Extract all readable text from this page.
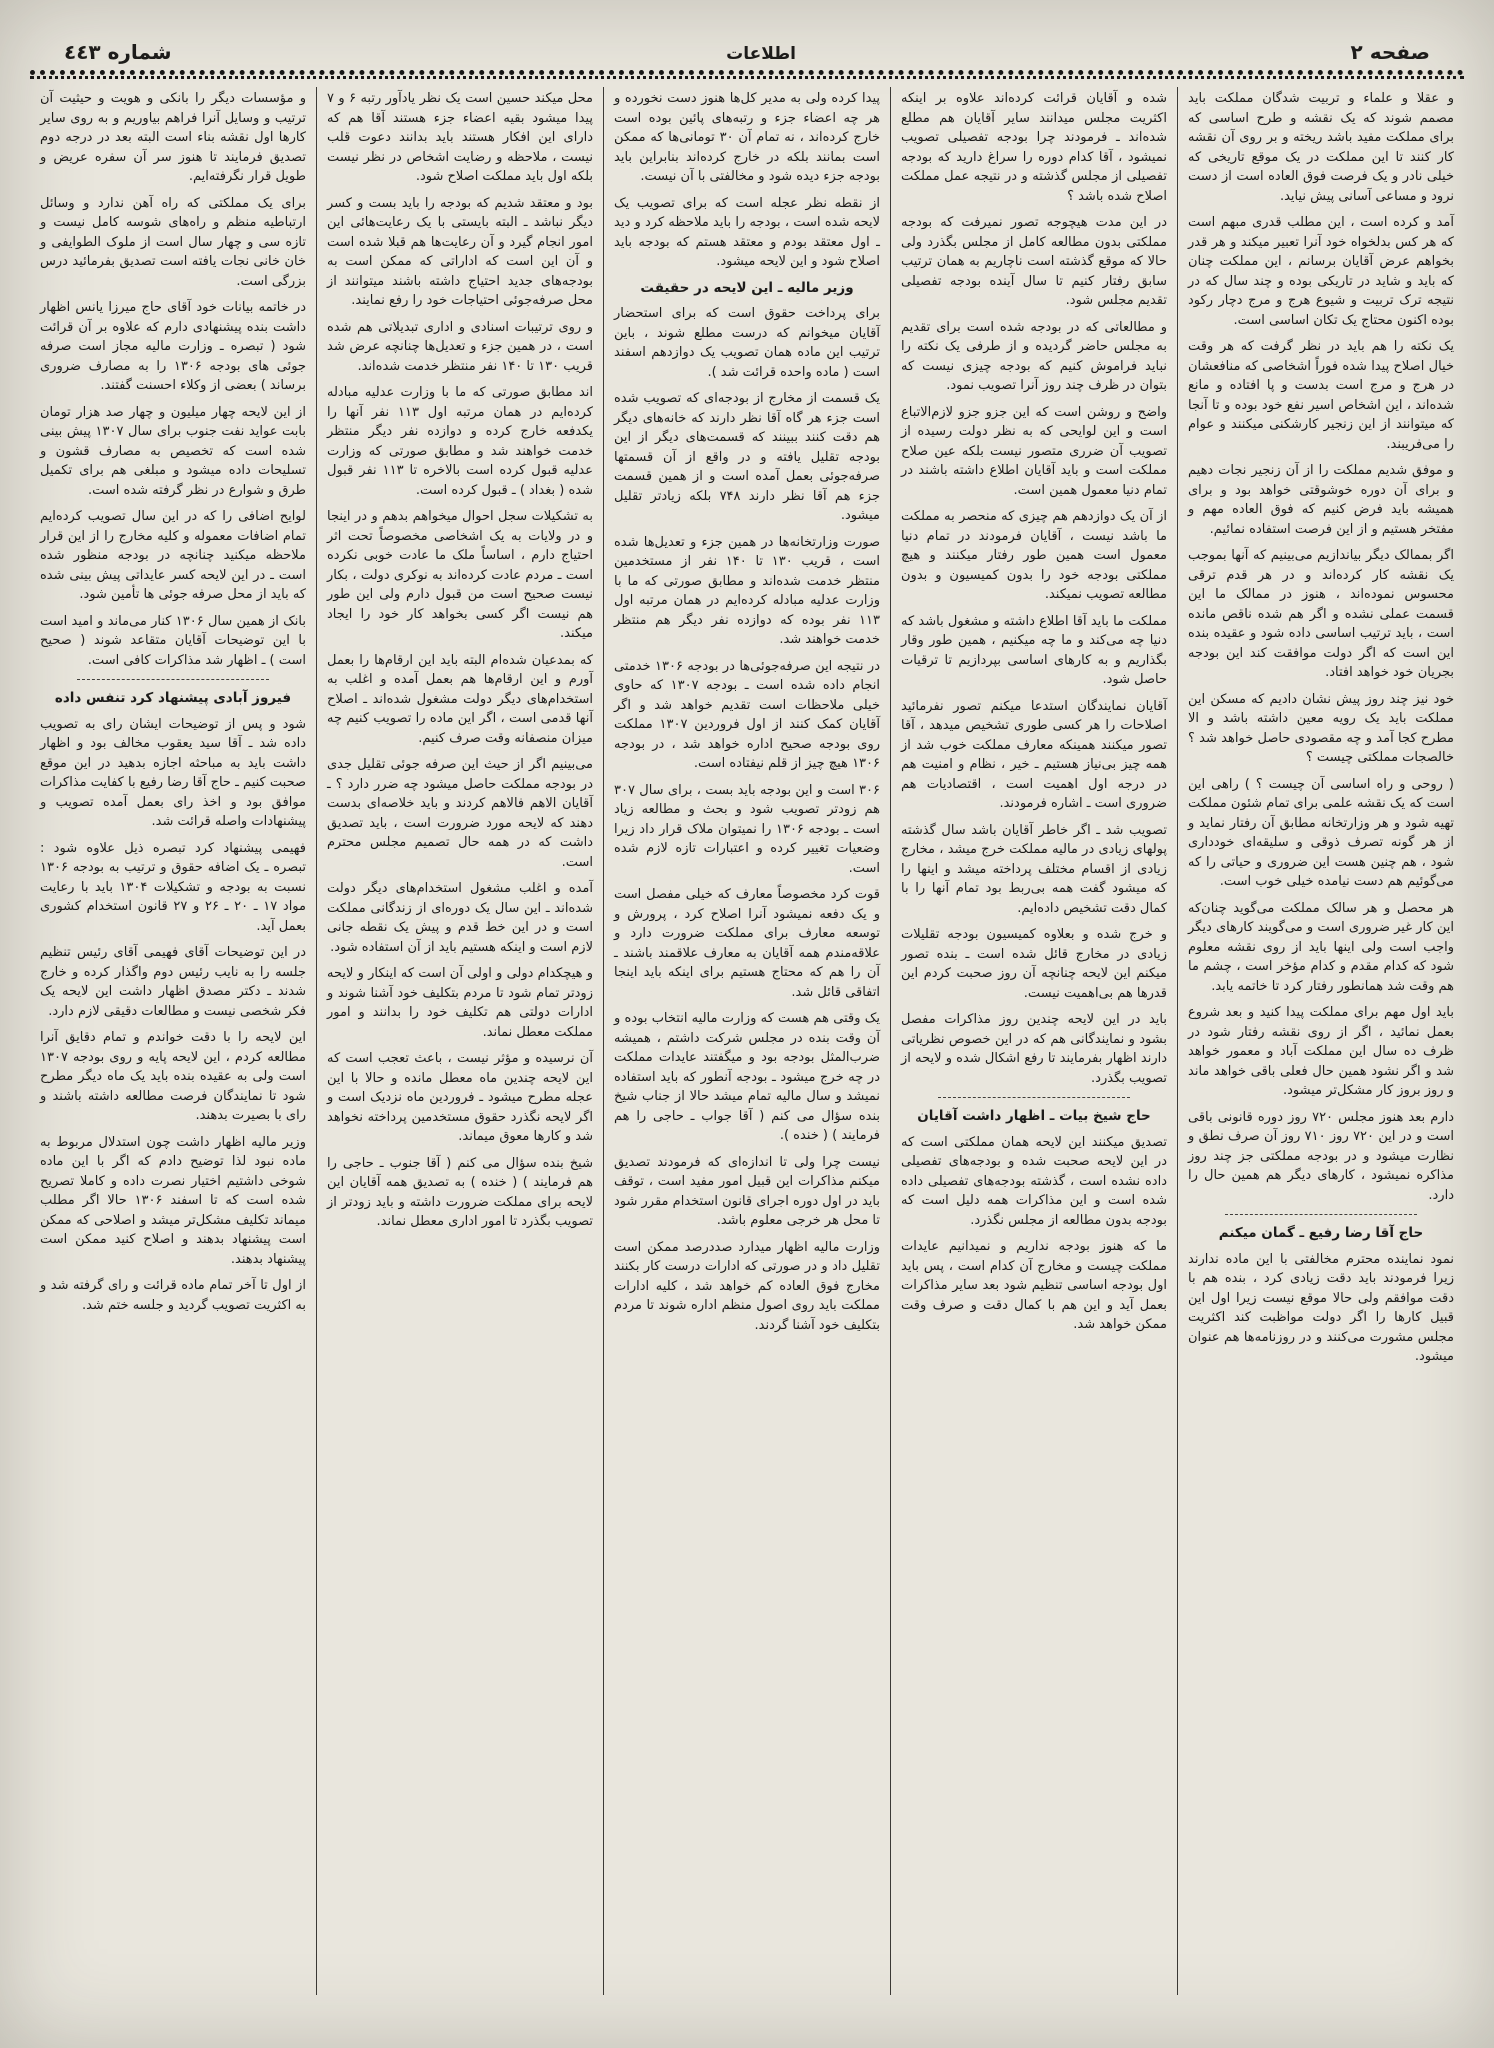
صفحه ٢
اطلاعات
شماره ٤٤٣

و عقلا و علماء و تربیت شدگان مملکت باید مصمم شوند که یک نقشه و طرح اساسی که برای مملکت مفید باشد ریخته و بر روی آن نقشه کار کنند تا این مملکت در یک موقع تاریخی که خیلی نادر و یک فرصت فوق العاده است از دست نرود و مساعی آسانی پیش نیاید.

آمد و کرده است ، این مطلب قدری مبهم است که هر کس بدلخواه خود آنرا تعبیر میکند و هر قدر بخواهم عرض آقایان برسانم ، این مملکت چنان که باید و شاید در تاریکی بوده و چند سال که در نتیجه ترک تربیت و شیوع هرج و مرج دچار رکود بوده اکنون محتاج یک تکان اساسی است.

یک نکته را هم باید در نظر گرفت که هر وقت خیال اصلاح پیدا شده فوراً اشخاصی که منافعشان در هرج و مرج است بدست و پا افتاده و مانع شده‌اند ، این اشخاص اسیر نفع خود بوده و تا آنجا که میتوانند از این زنجیر کارشکنی میکنند و عوام را می‌فریبند.

و موفق شدیم مملکت را از آن زنجیر نجات دهیم و برای آن دوره خوشوقتی خواهد بود و برای همیشه باید فرض کنیم که فوق العاده مهم و مفتخر هستیم و از این فرصت استفاده نمائیم.

اگر بممالک دیگر بیاندازیم می‌بینیم که آنها بموجب یک نقشه کار کرده‌اند و در هر قدم ترقی محسوس نموده‌اند ، هنوز در ممالک ما این قسمت عملی نشده و اگر هم شده ناقص مانده است ، باید ترتیب اساسی داده شود و عقیده بنده این است که اگر دولت موافقت کند این بودجه بجریان خود خواهد افتاد.

خود نیز چند روز پیش نشان دادیم که مسکن این مملکت باید یک رویه معین داشته باشد و الا مطرح کجا آمد و چه مقصودی حاصل خواهد شد ؟ خالصجات مملکتی چیست ؟

( روحی و راه اساسی آن چیست ؟ ) راهی این است که یک نقشه علمی برای تمام شئون مملکت تهیه شود و هر وزارتخانه مطابق آن رفتار نماید و از هر گونه تصرف ذوقی و سلیقه‌ای خودداری شود ، هم چنین هست این ضروری و حیاتی را که می‌گوئیم هم دست نیامده خیلی خوب است.

هر محصل و هر سالک مملکت می‌گوید چنان‌که این کار غیر ضروری است و می‌گویند کارهای دیگر واجب است ولی اینها باید از روی نقشه معلوم شود که کدام مقدم و کدام مؤخر است ، چشم ما هم وقت شد همانطور رفتار کرد تا خاتمه یابد.

باید اول مهم برای مملکت پیدا کنید و بعد شروع بعمل نمائید ، اگر از روی نقشه رفتار شود در ظرف ده سال این مملکت آباد و معمور خواهد شد و اگر نشود همین حال فعلی باقی خواهد ماند و روز بروز کار مشکل‌تر میشود.

دارم بعد هنوز مجلس ۷۲۰ روز دوره قانونی باقی است و در این ۷۲۰ روز ۷۱۰ روز آن صرف نطق و نظارت میشود و در بودجه مملکتی جز چند روز مذاکره نمیشود ، کارهای دیگر هم همین حال را دارد.

حاج آقا رضا رفیع ـ گمان میکنم

نمود نماینده محترم مخالفتی با این ماده ندارند زیرا فرمودند باید دقت زیادی کرد ، بنده هم با دقت موافقم ولی حالا موقع نیست زیرا اول این قبیل کارها را اگر دولت مواظبت کند اکثریت مجلس مشورت می‌کنند و در روزنامه‌ها هم عنوان میشود.

شده و آقایان قرائت کرده‌اند علاوه بر اینکه اکثریت مجلس میدانند سایر آقایان هم مطلع شده‌اند ـ فرمودند چرا بودجه تفصیلی تصویب نمیشود ، آقا کدام دوره را سراغ دارید که بودجه تفصیلی از مجلس گذشته و در نتیجه عمل مملکت اصلاح شده باشد ؟

در این مدت هیچوجه تصور نمیرفت که بودجه مملکتی بدون مطالعه کامل از مجلس بگذرد ولی حالا که موقع گذشته است ناچاریم به همان ترتیب سابق رفتار کنیم تا سال آینده بودجه تفصیلی تقدیم مجلس شود.

و مطالعاتی که در بودجه شده است برای تقدیم به مجلس حاضر گردیده و از طرفی یک نکته را نباید فراموش کنیم که بودجه چیزی نیست که بتوان در ظرف چند روز آنرا تصویب نمود.

واضح و روشن است که این جزو جزو لازم‌الاتباع است و این لوایحی که به نظر دولت رسیده از تصویب آن ضرری متصور نیست بلکه عین صلاح مملکت است و باید آقایان اطلاع داشته باشند در تمام دنیا معمول همین است.

از آن یک دوازدهم هم چیزی که منحصر به مملکت ما باشد نیست ، آقایان فرمودند در تمام دنیا معمول است همین طور رفتار میکنند و هیچ مملکتی بودجه خود را بدون کمیسیون و بدون مطالعه تصویب نمیکند.

مملکت ما باید آقا اطلاع داشته و مشغول باشد که دنیا چه می‌کند و ما چه میکنیم ، همین طور وقار بگذاریم و به کارهای اساسی بپردازیم تا ترقیات حاصل شود.

آقایان نمایندگان استدعا میکنم تصور نفرمائید اصلاحات را هر کسی طوری تشخیص میدهد ، آقا تصور میکنند همینکه معارف مملکت خوب شد از همه چیز بی‌نیاز هستیم ـ خیر ، نظام و امنیت هم در درجه اول اهمیت است ، اقتصادیات هم ضروری است ـ اشاره فرمودند.

تصویب شد ـ اگر خاطر آقایان باشد سال گذشته پولهای زیادی در مالیه مملکت خرج میشد ، مخارج زیادی از اقسام مختلف پرداخته میشد و اینها را که میشود گفت همه بی‌ربط بود تمام آنها را با کمال دقت تشخیص داده‌ایم.

و خرج شده و بعلاوه کمیسیون بودجه تقلیلات زیادی در مخارج قائل شده است ـ بنده تصور میکنم این لایحه چنانچه آن روز صحبت کردم این قدرها هم بی‌اهمیت نیست.

باید در این لایحه چندین روز مذاکرات مفصل بشود و نمایندگانی هم که در این خصوص نظریاتی دارند اظهار بفرمایند تا رفع اشکال شده و لایحه از تصویب بگذرد.

حاج شیخ بیات ـ اظهار داشت آقایان

تصدیق میکنند این لایحه همان مملکتی است که در این لایحه صحبت شده و بودجه‌های تفصیلی داده نشده است ، گذشته بودجه‌های تفصیلی داده شده است و این مذاکرات همه دلیل است که بودجه بدون مطالعه از مجلس نگذرد.

ما که هنوز بودجه نداریم و نمیدانیم عایدات مملکت چیست و مخارج آن کدام است ، پس باید اول بودجه اساسی تنظیم شود بعد سایر مذاکرات بعمل آید و این هم با کمال دقت و صرف وقت ممکن خواهد شد.

پیدا کرده ولی به مدیر کل‌ها هنوز دست نخورده و هر چه اعضاء جزء و رتبه‌های پائین بوده است خارج کرده‌اند ، نه تمام آن ۳۰ تومانی‌ها که ممکن است بمانند بلکه در خارج کرده‌اند بنابراین باید بودجه جزء دیده شود و مخالفتی با آن نیست.

از نقطه نظر عجله است که برای تصویب یک لایحه شده است ، بودجه را باید ملاحظه کرد و دید ـ اول معتقد بودم و معتقد هستم که بودجه باید اصلاح شود و این لایحه میشود.

وزیر مالیه ـ این لایحه در حقیقت

برای پرداخت حقوق است که برای استحضار آقایان میخوانم که درست مطلع شوند ، باین ترتیب این ماده همان تصویب یک دوازدهم اسفند است ( ماده واحده قرائت شد ).

یک قسمت از مخارج از بودجه‌ای که تصویب شده است جزء هر گاه آقا نظر دارند که خانه‌های دیگر هم دقت کنند ببینند که قسمت‌های دیگر از این بودجه تقلیل یافته و در واقع از آن قسمتها صرفه‌جوئی بعمل آمده است و از همین قسمت جزء هم آقا نظر دارند ۷۴۸ بلکه زیادتر تقلیل میشود.

صورت وزارتخانه‌ها در همین جزء و تعدیل‌ها شده است ، قریب ۱۳۰ تا ۱۴۰ نفر از مستخدمین منتظر خدمت شده‌اند و مطابق صورتی که ما با وزارت عدلیه مبادله کرده‌ایم در همان مرتبه اول ۱۱۳ نفر بوده که دوازده نفر دیگر هم منتظر خدمت خواهند شد.

در نتیجه این صرفه‌جوئی‌ها در بودجه ۱۳۰۶ خدمتی انجام داده شده است ـ بودجه ۱۳۰۷ که حاوی خیلی ملاحظات است تقدیم خواهد شد و اگر آقایان کمک کنند از اول فروردین ۱۳۰۷ مملکت روی بودجه صحیح اداره خواهد شد ، در بودجه ۱۳۰۶ هیچ چیز از قلم نیفتاده است.

۳۰۶ است و این بودجه باید بست ، برای سال ۳۰۷ هم زودتر تصویب شود و بحث و مطالعه زیاد است ـ بودجه ۱۳۰۶ را نمیتوان ملاک قرار داد زیرا وضعیات تغییر کرده و اعتبارات تازه لازم شده است.

قوت کرد مخصوصاً معارف که خیلی مفصل است و یک دفعه نمیشود آنرا اصلاح کرد ، پرورش و توسعه معارف برای مملکت ضرورت دارد و علاقه‌مندم همه آقایان به معارف علاقمند باشند ـ آن را هم که محتاج هستیم برای اینکه باید اینجا اتفاقی قائل شد.

یک وقتی هم هست که وزارت مالیه انتخاب بوده و آن وقت بنده در مجلس شرکت داشتم ، همیشه ضرب‌المثل بودجه بود و میگفتند عایدات مملکت در چه خرج میشود ـ بودجه آنطور که باید استفاده نمیشد و سال مالیه تمام میشد حالا از جناب شیخ بنده سؤال می کنم ( آقا جواب ـ حاجی را هم فرمایند ) ( خنده ).

نیست چرا ولی تا اندازه‌ای که فرمودند تصدیق میکنم مذاکرات این قبیل امور مفید است ، توقف باید در اول دوره اجرای قانون استخدام مقرر شود تا محل هر خرجی معلوم باشد.

وزارت مالیه اظهار میدارد صددرصد ممکن است تقلیل داد و در صورتی که ادارات درست کار بکنند مخارج فوق العاده کم خواهد شد ، کلیه ادارات مملکت باید روی اصول منظم اداره شوند تا مردم بتکلیف خود آشنا گردند.

محل میکند حسین است یک نظر یادآور رتبه ۶ و ۷ پیدا میشود بقیه اعضاء جزء هستند آقا هم که دارای این افکار هستند باید بدانند دعوت قلب نیست ، ملاحظه و رضایت اشخاص در نظر نیست بلکه اول باید مملکت اصلاح شود.

بود و معتقد شدیم که بودجه را باید بست و کسر دیگر نباشد ـ البته بایستی با یک رعایت‌هائی این امور انجام گیرد و آن رعایت‌ها هم قبلا شده است و آن این است که اداراتی که ممکن است به بودجه‌های جدید احتیاج داشته باشند میتوانند از محل صرفه‌جوئی احتیاجات خود را رفع نمایند.

و روی ترتیبات اسنادی و اداری تبدیلاتی هم شده است ، در همین جزء و تعدیل‌ها چنانچه عرض شد قریب ۱۳۰ تا ۱۴۰ نفر منتظر خدمت شده‌اند.

اند مطابق صورتی که ما با وزارت عدلیه مبادله کرده‌ایم در همان مرتبه اول ۱۱۳ نفر آنها را یکدفعه خارج کرده و دوازده نفر دیگر منتظر خدمت خواهند شد و مطابق صورتی که وزارت عدلیه قبول کرده است بالاخره تا ۱۱۳ نفر قبول شده ( بغداد ) ـ قبول کرده است.

به تشکیلات سجل احوال میخواهم بدهم و در اینجا و در ولایات به یک اشخاصی مخصوصاً تحت اثر احتیاج دارم ، اساساً ملک ما عادت خوبی نکرده است ـ مردم عادت کرده‌اند به نوکری دولت ، بکار نیست صحیح است من قبول دارم ولی این طور هم نیست اگر کسی بخواهد کار خود را ایجاد میکند.

که بمدعیان شده‌ام البته باید این ارقام‌ها را بعمل آورم و این ارقام‌ها هم بعمل آمده و اغلب به استخدام‌های دیگر دولت مشغول شده‌اند ـ اصلاح آنها قدمی است ، اگر این ماده را تصویب کنیم چه میزان منصفانه وقت صرف کنیم.

می‌بینیم اگر از حیث این صرفه جوئی تقلیل جدی در بودجه مملکت حاصل میشود چه ضرر دارد ؟ ـ آقایان الاهم فالاهم کردند و باید خلاصه‌ای بدست دهند که لایحه مورد ضرورت است ، باید تصدیق داشت که در همه حال تصمیم مجلس محترم است.

آمده و اغلب مشغول استخدام‌های دیگر دولت شده‌اند ـ این سال یک دوره‌ای از زندگانی مملکت است و در این خط قدم و پیش یک نقطه جانی لازم است و اینکه هستیم باید از آن استفاده شود.

و هیچکدام دولی و اولی آن است که اینکار و لایحه زودتر تمام شود تا مردم بتکلیف خود آشنا شوند و ادارات دولتی هم تکلیف خود را بدانند و امور مملکت معطل نماند.

آن نرسیده و مؤثر نیست ، باعث تعجب است که این لایحه چندین ماه معطل مانده و حالا با این عجله مطرح میشود ـ فروردین ماه نزدیک است و اگر لایحه نگذرد حقوق مستخدمین پرداخته نخواهد شد و کارها معوق میماند.

شیخ بنده سؤال می کنم ( آقا جنوب ـ حاجی را هم فرمایند ) ( خنده ) به تصدیق همه آقایان این لایحه برای مملکت ضرورت داشته و باید زودتر از تصویب بگذرد تا امور اداری معطل نماند.

و مؤسسات دیگر را بانکی و هویت و حیثیت آن ترتیب و وسایل آنرا فراهم بیاوریم و به روی سایر کارها اول نقشه بناء است البته بعد در درجه دوم تصدیق فرمایند تا هنوز سر آن سفره عریض و طویل قرار نگرفته‌ایم.

برای یک مملکتی که راه آهن ندارد و وسائل ارتباطیه منظم و راه‌های شوسه کامل نیست و تازه سی و چهار سال است از ملوک الطوایفی و خان خانی نجات یافته است تصدیق بفرمائید درس بزرگی است.

در خاتمه بیانات خود آقای حاج میرزا یانس اظهار داشت بنده پیشنهادی دارم که علاوه بر آن قرائت شود ( تبصره ـ وزارت مالیه مجاز است صرفه جوئی های بودجه ۱۳۰۶ را به مصارف ضروری برساند ) بعضی از وکلاء احسنت گفتند.

از این لایحه چهار میلیون و چهار صد هزار تومان بابت عواید نفت جنوب برای سال ۱۳۰۷ پیش بینی شده است که تخصیص به مصارف قشون و تسلیحات داده میشود و مبلغی هم برای تکمیل طرق و شوارع در نظر گرفته شده است.

لوایح اضافی را که در این سال تصویب کرده‌ایم تمام اضافات معموله و کلیه مخارج را از این قرار ملاحظه میکنید چنانچه در بودجه منظور شده است ـ در این لایحه کسر عایداتی پیش بینی شده که باید از محل صرفه جوئی ها تأمین شود.

بانک از همین سال ۱۳۰۶ کنار می‌ماند و امید است با این توضیحات آقایان متقاعد شوند ( صحیح است ) ـ اظهار شد مذاکرات کافی است.

فیروز آبادی پیشنهاد کرد تنفس داده

شود و پس از توضیحات ایشان رای به تصویب داده شد ـ آقا سید یعقوب مخالف بود و اظهار داشت باید به مباحثه اجازه بدهید در این موقع صحبت کنیم ـ حاج آقا رضا رفیع با کفایت مذاکرات موافق بود و اخذ رای بعمل آمده تصویب و پیشنهادات واصله قرائت شد.

فهیمی پیشنهاد کرد تبصره ذیل علاوه شود : تبصره ـ یک اضافه حقوق و ترتیب به بودجه ۱۳۰۶ نسبت به بودجه و تشکیلات ۱۳۰۴ باید با رعایت مواد ۱۷ ـ ۲۰ ـ ۲۶ و ۲۷ قانون استخدام کشوری بعمل آید.

در این توضیحات آقای فهیمی آقای رئیس تنظیم جلسه را به نایب رئیس دوم واگذار کرده و خارج شدند ـ دکتر مصدق اظهار داشت این لایحه یک فکر شخصی نیست و مطالعات دقیقی لازم دارد.

این لایحه را با دقت خواندم و تمام دقایق آنرا مطالعه کردم ، این لایحه پایه و روی بودجه ۱۳۰۷ است ولی به عقیده بنده باید یک ماه دیگر مطرح شود تا نمایندگان فرصت مطالعه داشته باشند و رای با بصیرت بدهند.

وزیر مالیه اظهار داشت چون استدلال مربوط به ماده نبود لذا توضیح دادم که اگر با این ماده شوخی داشتیم اختیار نصرت داده و کاملا تصریح شده است که تا اسفند ۱۳۰۶ حالا اگر مطلب میماند تکلیف مشکل‌تر میشد و اصلاحی که ممکن است پیشنهاد بدهند و اصلاح کنید ممکن است پیشنهاد بدهند.

از اول تا آخر تمام ماده قرائت و رای گرفته شد و به اکثریت تصویب گردید و جلسه ختم شد.
